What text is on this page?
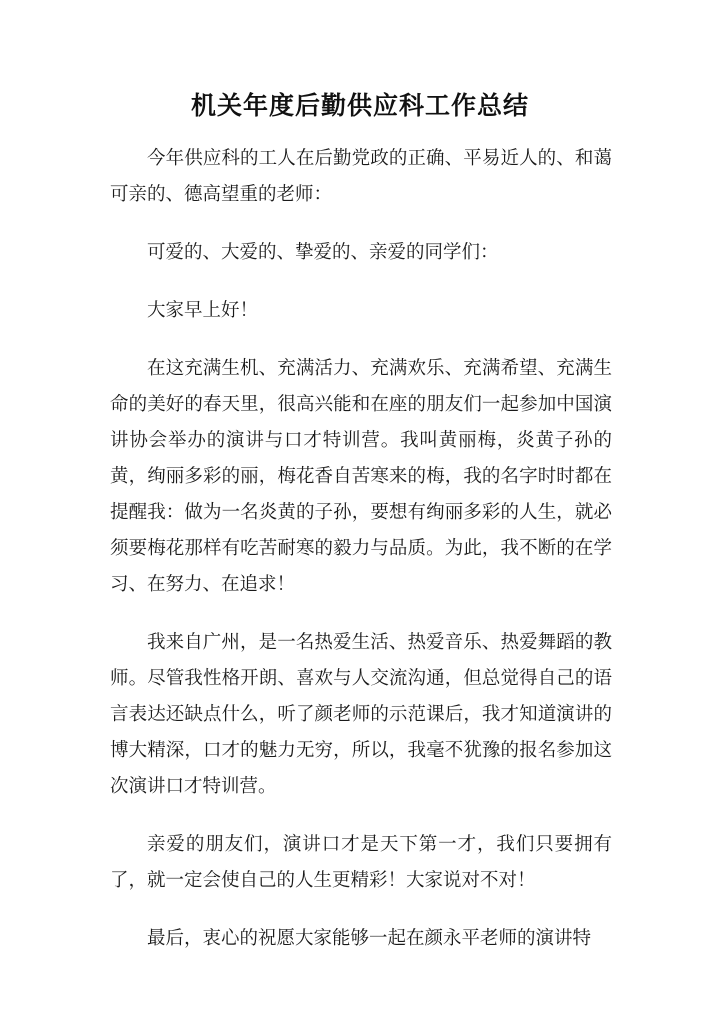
机关年度后勤供应科工作总结

今年供应科的工人在后勤党政的正确、平易近人的、和蔼可亲的、德高望重的老师：

可爱的、大爱的、挚爱的、亲爱的同学们：

大家早上好！

在这充满生机、充满活力、充满欢乐、充满希望、充满生命的美好的春天里，很高兴能和在座的朋友们一起参加中国演讲协会举办的演讲与口才特训营。我叫黄丽梅，炎黄子孙的黄，绚丽多彩的丽，梅花香自苦寒来的梅，我的名字时时都在提醒我：做为一名炎黄的子孙，要想有绚丽多彩的人生，就必须要梅花那样有吃苦耐寒的毅力与品质。为此，我不断的在学习、在努力、在追求！

我来自广州，是一名热爱生活、热爱音乐、热爱舞蹈的教师。尽管我性格开朗、喜欢与人交流沟通，但总觉得自己的语言表达还缺点什么，听了颜老师的示范课后，我才知道演讲的博大精深，口才的魅力无穷，所以，我毫不犹豫的报名参加这次演讲口才特训营。

亲爱的朋友们，演讲口才是天下第一才，我们只要拥有了，就一定会使自己的人生更精彩！大家说对不对！

最后，衷心的祝愿大家能够一起在颜永平老师的演讲特
